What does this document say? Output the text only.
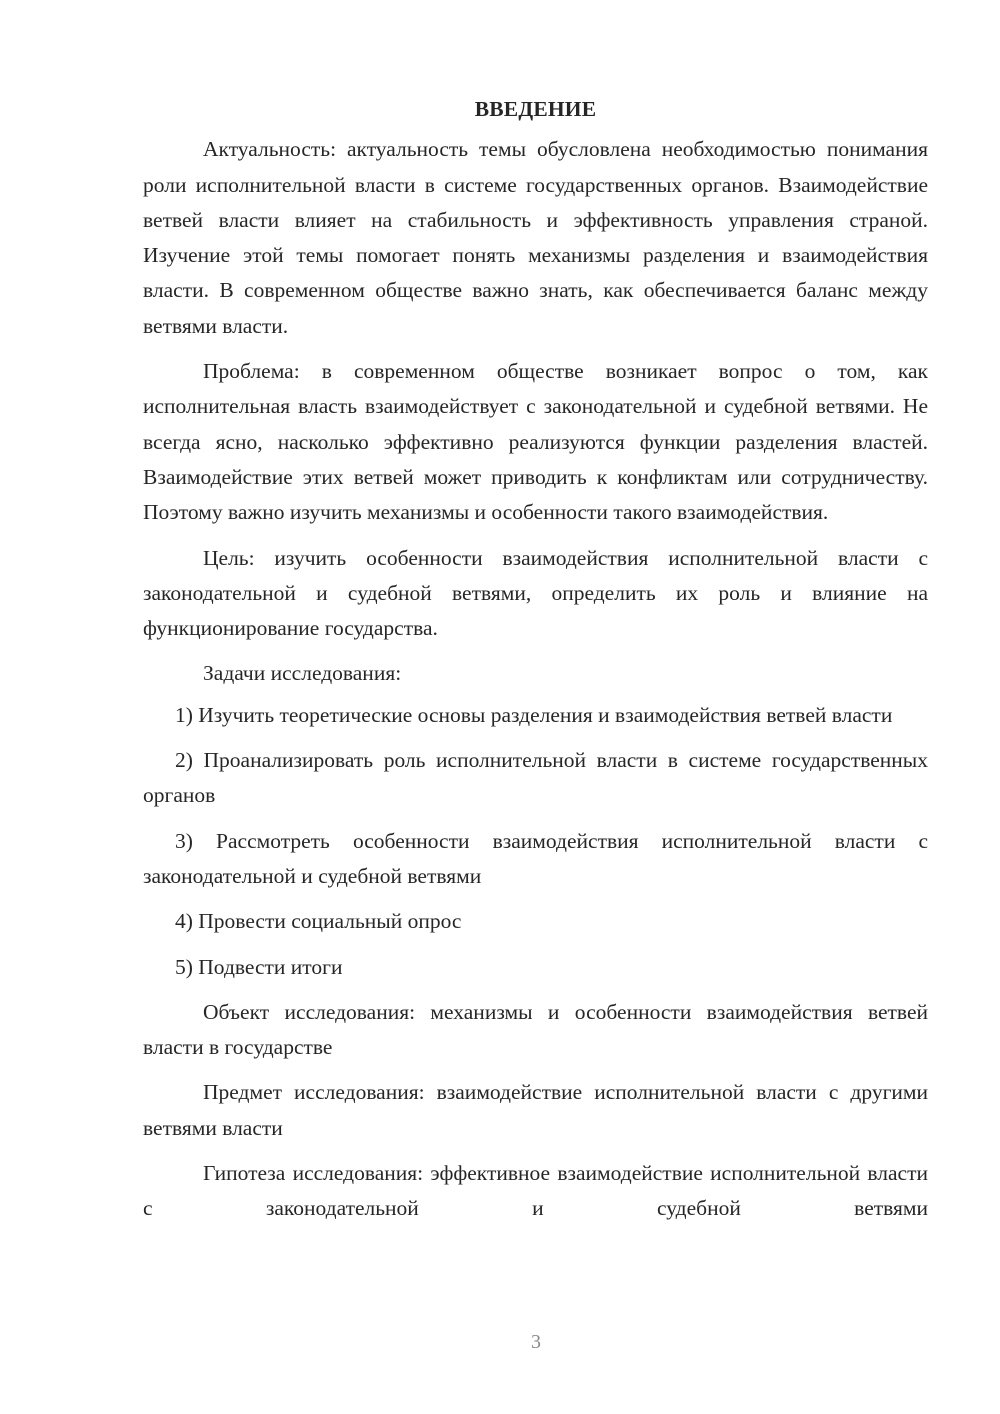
ВВЕДЕНИЕ

Актуальность: актуальность темы обусловлена необходимостью понимания роли исполнительной власти в системе государственных органов. Взаимодействие ветвей власти влияет на стабильность и эффективность управления страной. Изучение этой темы помогает понять механизмы разделения и взаимодействия власти. В современном обществе важно знать, как обеспечивается баланс между ветвями власти.

Проблема: в современном обществе возникает вопрос о том, как исполнительная власть взаимодействует с законодательной и судебной ветвями. Не всегда ясно, насколько эффективно реализуются функции разделения властей. Взаимодействие этих ветвей может приводить к конфликтам или сотрудничеству. Поэтому важно изучить механизмы и особенности такого взаимодействия.

Цель: изучить особенности взаимодействия исполнительной власти с законодательной и судебной ветвями, определить их роль и влияние на функционирование государства.

Задачи исследования:

1) Изучить теоретические основы разделения и взаимодействия ветвей власти

2) Проанализировать роль исполнительной власти в системе государственных органов

3) Рассмотреть особенности взаимодействия исполнительной власти с законодательной и судебной ветвями

4) Провести социальный опрос

5) Подвести итоги

Объект исследования: механизмы и особенности взаимодействия ветвей власти в государстве

Предмет исследования: взаимодействие исполнительной власти с другими ветвями власти

Гипотеза исследования: эффективное взаимодействие исполнительной власти с законодательной и судебной ветвями

3
